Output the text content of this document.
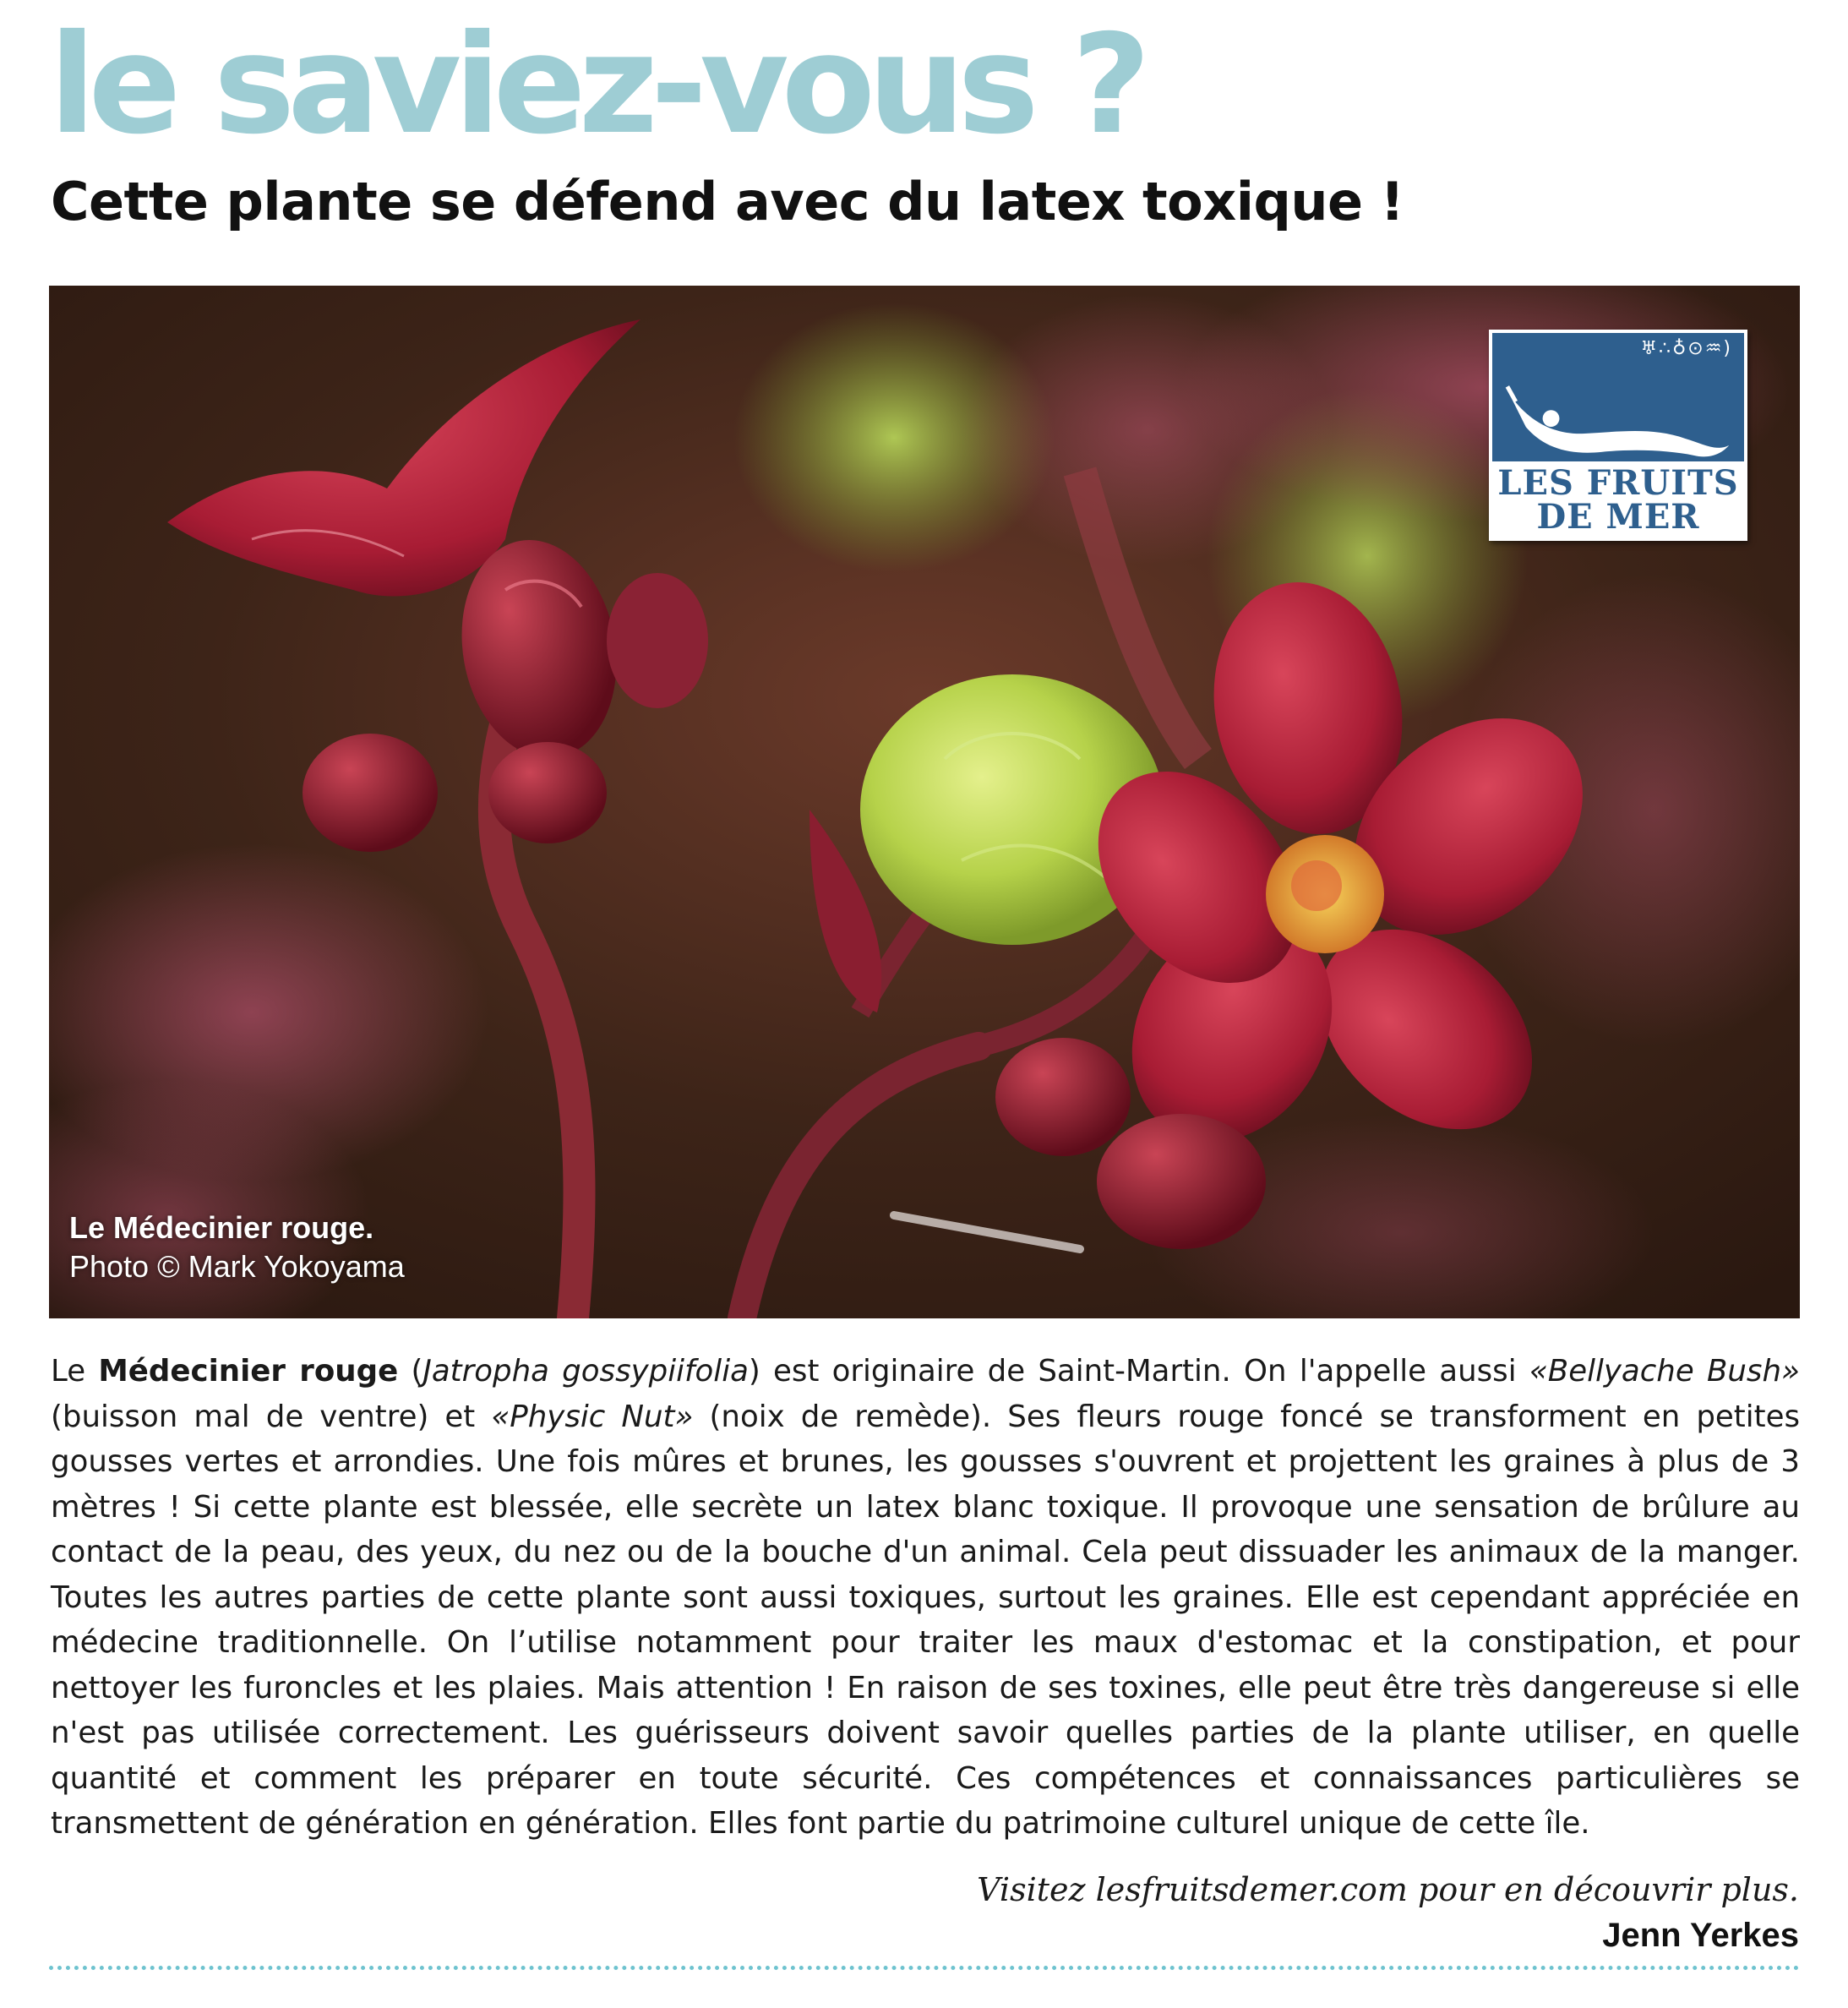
le saviez-vous ?
Cette plante se défend avec du latex toxique !
♅∴♁⊙♒)
LES FRUITS
DE MER
Le Médecinier rouge.
Photo © Mark Yokoyama

Le Médecinier rouge (Jatropha gossypiifolia) est originaire de Saint-Martin. On l'appelle aussi «Bellyache Bush» (buisson mal de ventre) et «Physic Nut» (noix de remède). Ses fleurs rouge foncé se transforment en petites gousses vertes et arrondies. Une fois mûres et brunes, les gousses s'ouvrent et projettent les graines à plus de 3 mètres ! Si cette plante est blessée, elle secrète un latex blanc toxique. Il provoque une sensation de brûlure au contact de la peau, des yeux, du nez ou de la bouche d'un animal. Cela peut dissuader les animaux de la manger. Toutes les autres parties de cette plante sont aussi toxiques, surtout les graines. Elle est cependant appréciée en médecine traditionnelle. On l’utilise notamment pour traiter les maux d'estomac et la constipation, et pour nettoyer les furoncles et les plaies. Mais attention ! En raison de ses toxines, elle peut être très dangereuse si elle n'est pas utilisée correctement. Les guérisseurs doivent savoir quelles parties de la plante utiliser, en quelle quantité et comment les préparer en toute sécurité. Ces compétences et connaissances particulières se transmettent de génération en génération. Elles font partie du patrimoine culturel unique de cette île.

Visitez lesfruitsdemer.com pour en découvrir plus.
Jenn Yerkes
